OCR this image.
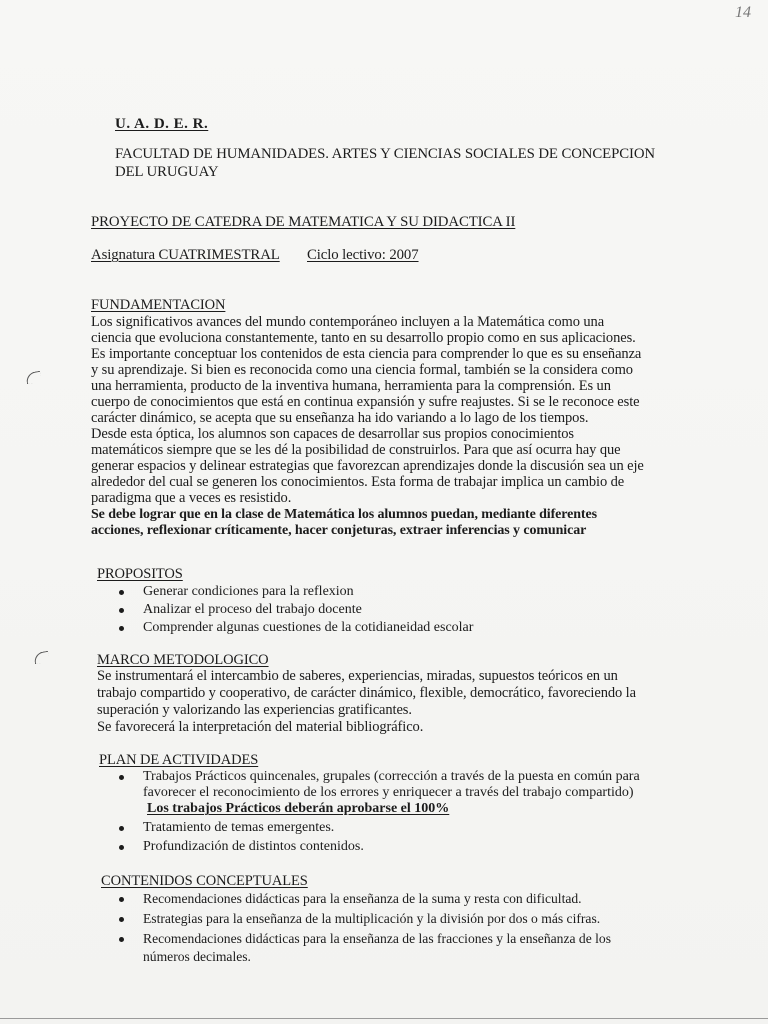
14
U. A. D. E. R.
FACULTAD DE HUMANIDADES. ARTES Y CIENCIAS SOCIALES DE CONCEPCION
DEL URUGUAY
PROYECTO DE CATEDRA DE MATEMATICA Y SU DIDACTICA II
Asignatura CUATRIMESTRAL Ciclo lectivo: 2007
FUNDAMENTACION
Los significativos avances del mundo contemporáneo incluyen a la Matemática como una
ciencia que evoluciona constantemente, tanto en su desarrollo propio como en sus aplicaciones.
Es importante conceptuar los contenidos de esta ciencia para comprender lo que es su enseñanza
y su aprendizaje. Si bien es reconocida como una ciencia formal, también se la considera como
una herramienta, producto de la inventiva humana, herramienta para la comprensión. Es un
cuerpo de conocimientos que está en continua expansión y sufre reajustes. Si se le reconoce este
carácter dinámico, se acepta que su enseñanza ha ido variando a lo lago de los tiempos.
Desde esta óptica, los alumnos son capaces de desarrollar sus propios conocimientos
matemáticos siempre que se les dé la posibilidad de construirlos. Para que así ocurra hay que
generar espacios y delinear estrategias que favorezcan aprendizajes donde la discusión sea un eje
alrededor del cual se generen los conocimientos. Esta forma de trabajar implica un cambio de
paradigma que a veces es resistido.
Se debe lograr que en la clase de Matemática los alumnos puedan, mediante diferentes
acciones, reflexionar críticamente, hacer conjeturas, extraer inferencias y comunicar
PROPOSITOS
Generar condiciones para la reflexion
Analizar el proceso del trabajo docente
Comprender algunas cuestiones de la cotidianeidad escolar
MARCO METODOLOGICO
Se instrumentará el intercambio de saberes, experiencias, miradas, supuestos teóricos en un
trabajo compartido y cooperativo, de carácter dinámico, flexible, democrático, favoreciendo la
superación y valorizando las experiencias gratificantes.
Se favorecerá la interpretación del material bibliográfico.
PLAN DE ACTIVIDADES
Trabajos Prácticos quincenales, grupales (corrección a través de la puesta en común para
favorecer el reconocimiento de los errores y enriquecer a través del trabajo compartido)
Los trabajos Prácticos deberán aprobarse el 100%
Tratamiento de temas emergentes.
Profundización de distintos contenidos.
CONTENIDOS CONCEPTUALES
Recomendaciones didácticas para la enseñanza de la suma y resta con dificultad.
Estrategias para la enseñanza de la multiplicación y la división por dos o más cifras.
Recomendaciones didácticas para la enseñanza de las fracciones y la enseñanza de los
números decimales.
